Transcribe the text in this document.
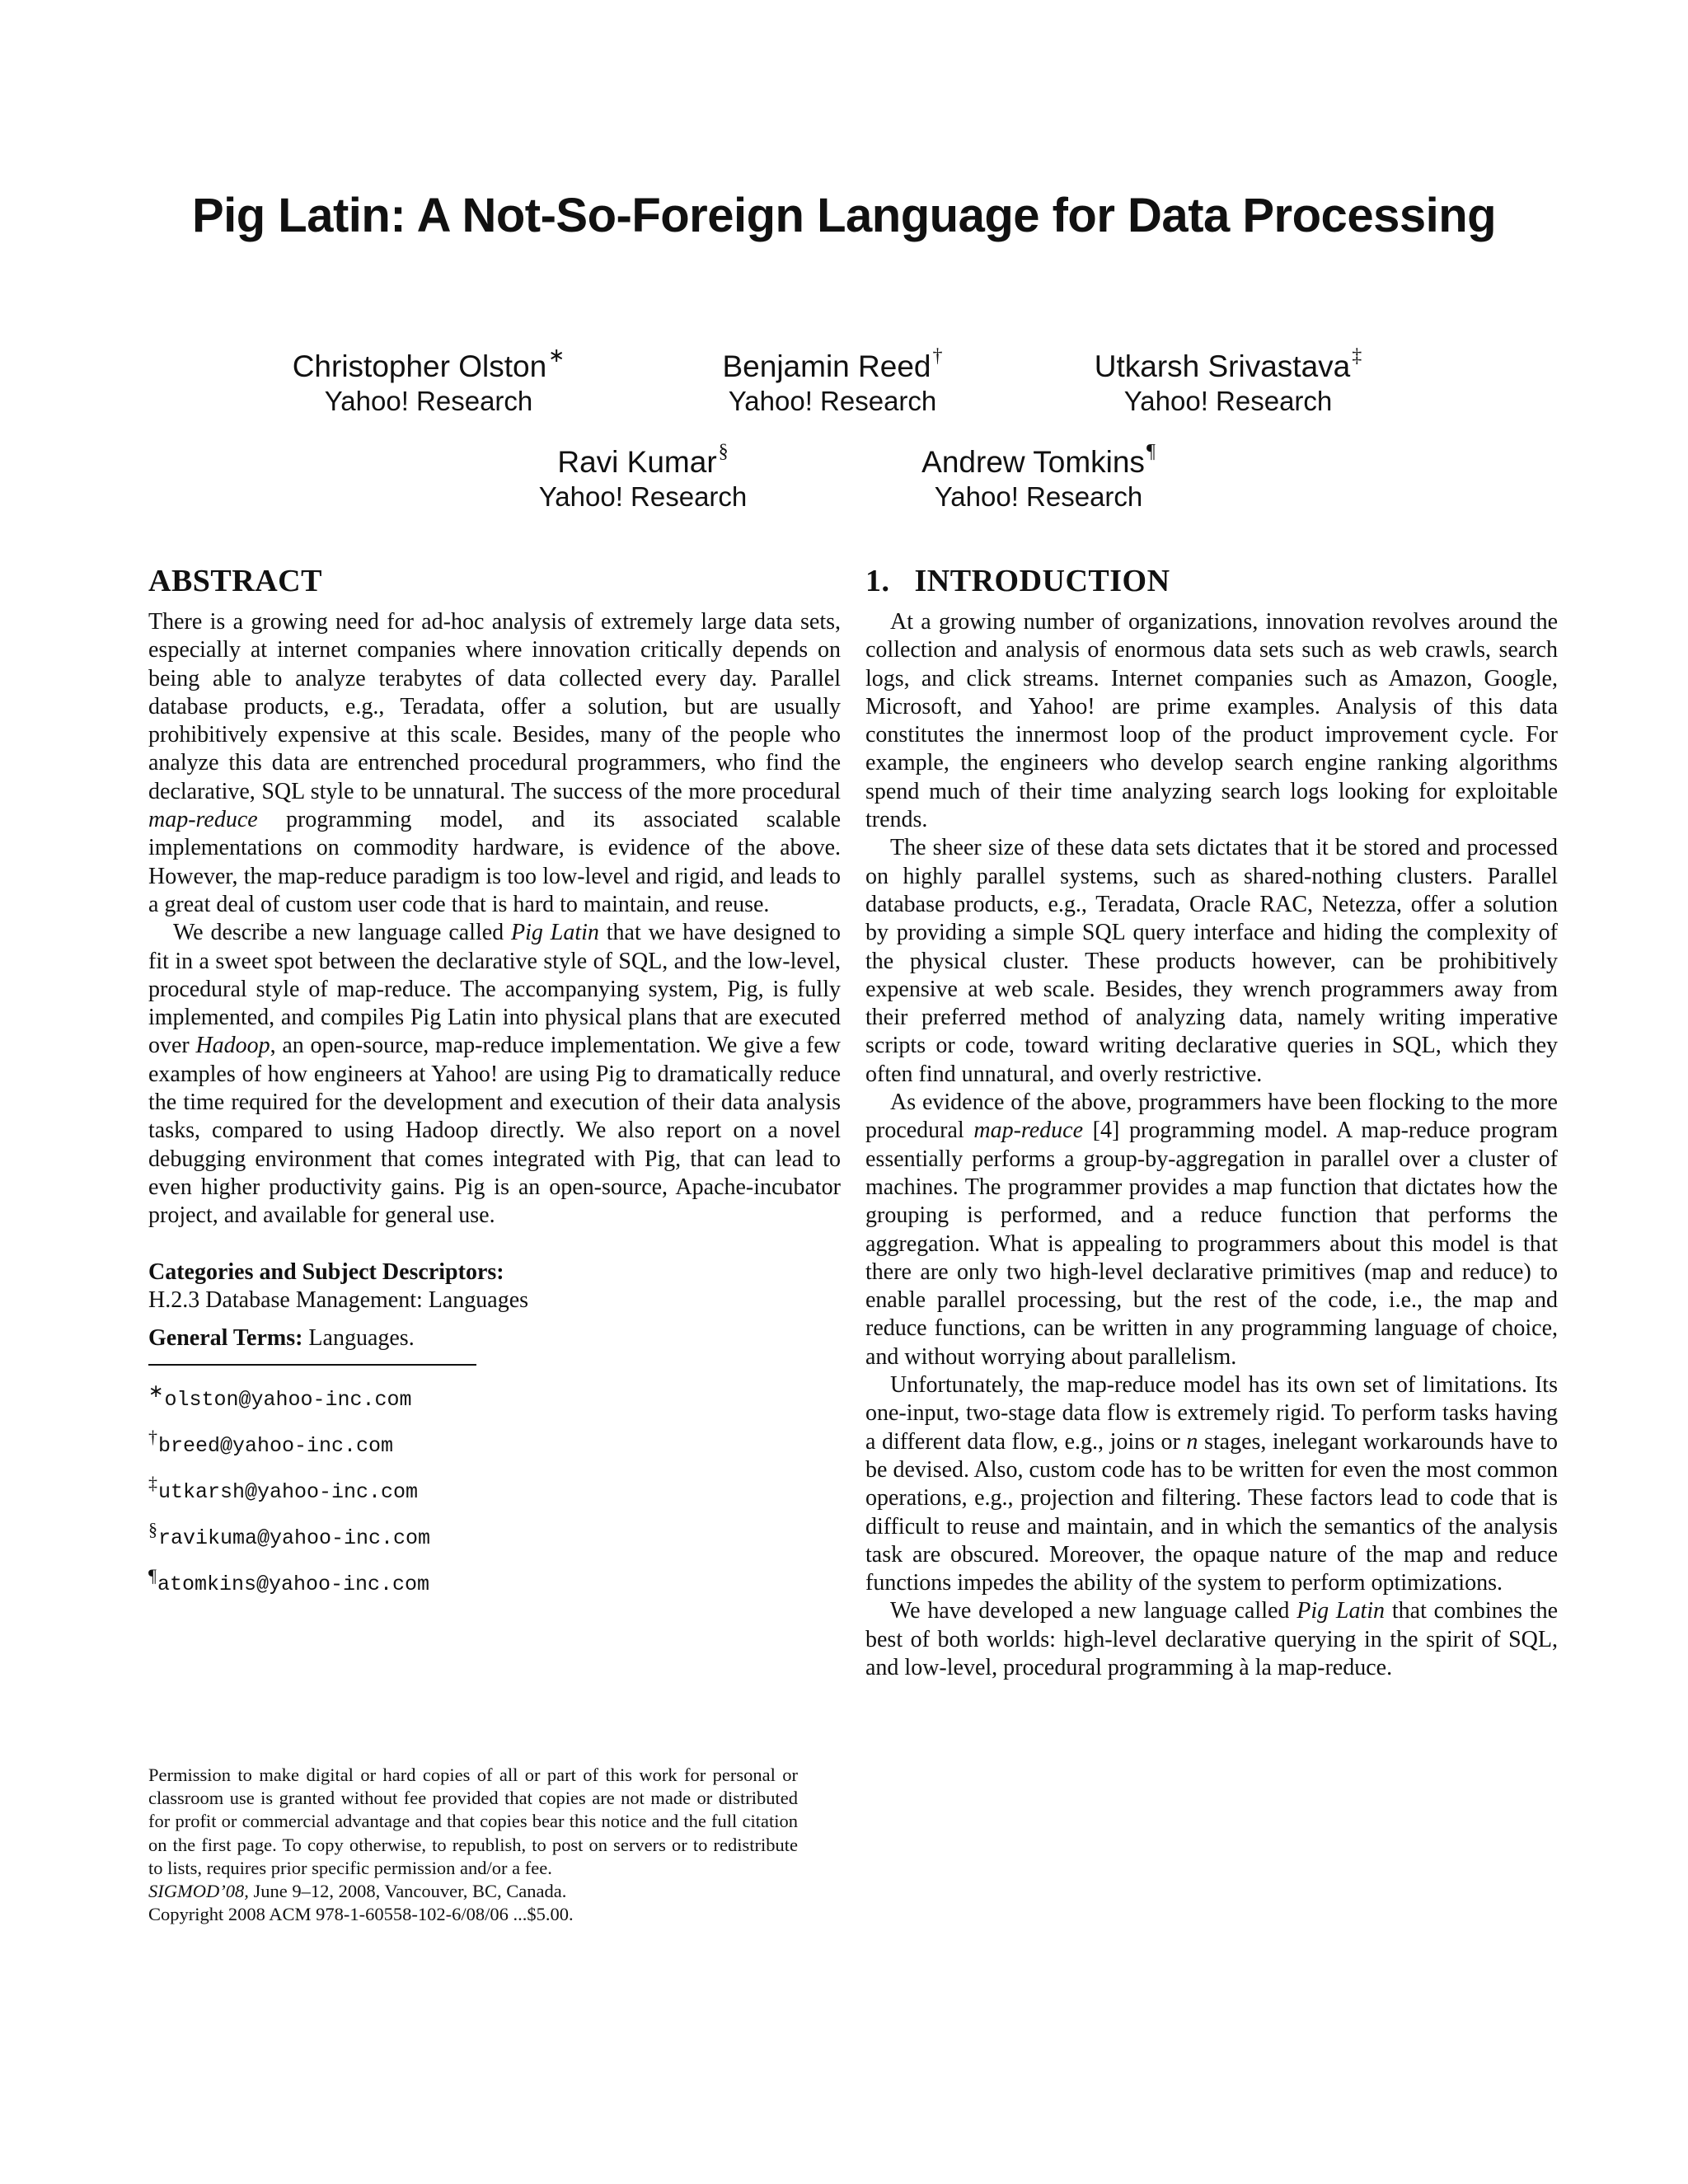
Pig Latin: A Not-So-Foreign Language for Data Processing
Christopher Olston∗
Yahoo! Research
Benjamin Reed†
Yahoo! Research
Utkarsh Srivastava‡
Yahoo! Research
Ravi Kumar§
Yahoo! Research
Andrew Tomkins¶
Yahoo! Research
ABSTRACT

There is a growing need for ad-hoc analysis of extremely large data sets, especially at internet companies where innovation critically depends on being able to analyze terabytes of data collected every day. Parallel database products, e.g., Teradata, offer a solution, but are usually prohibitively expensive at this scale. Besides, many of the people who analyze this data are entrenched procedural programmers, who find the declarative, SQL style to be unnatural. The success of the more procedural map-reduce programming model, and its associated scalable implementations on commodity hardware, is evidence of the above. However, the map-reduce paradigm is too low-level and rigid, and leads to a great deal of custom user code that is hard to maintain, and reuse.

We describe a new language called Pig Latin that we have designed to fit in a sweet spot between the declarative style of SQL, and the low-level, procedural style of map-reduce. The accompanying system, Pig, is fully implemented, and compiles Pig Latin into physical plans that are executed over Hadoop, an open-source, map-reduce implementation. We give a few examples of how engineers at Yahoo! are using Pig to dramatically reduce the time required for the development and execution of their data analysis tasks, compared to using Hadoop directly. We also report on a novel debugging environment that comes integrated with Pig, that can lead to even higher productivity gains. Pig is an open-source, Apache-incubator project, and available for general use.

Categories and Subject Descriptors:
H.2.3 Database Management: Languages
General Terms: Languages.
∗olston@yahoo-inc.com
†breed@yahoo-inc.com
‡utkarsh@yahoo-inc.com
§ravikuma@yahoo-inc.com
¶atomkins@yahoo-inc.com

Permission to make digital or hard copies of all or part of this work for personal or classroom use is granted without fee provided that copies are not made or distributed for profit or commercial advantage and that copies bear this notice and the full citation on the first page. To copy otherwise, to republish, to post on servers or to redistribute to lists, requires prior specific permission and/or a fee.

SIGMOD’08, June 9–12, 2008, Vancouver, BC, Canada.
Copyright 2008 ACM 978-1-60558-102-6/08/06 ...$5.00.
1. INTRODUCTION

At a growing number of organizations, innovation revolves around the collection and analysis of enormous data sets such as web crawls, search logs, and click streams. Internet companies such as Amazon, Google, Microsoft, and Yahoo! are prime examples. Analysis of this data constitutes the innermost loop of the product improvement cycle. For example, the engineers who develop search engine ranking algorithms spend much of their time analyzing search logs looking for exploitable trends.

The sheer size of these data sets dictates that it be stored and processed on highly parallel systems, such as shared-nothing clusters. Parallel database products, e.g., Teradata, Oracle RAC, Netezza, offer a solution by providing a simple SQL query interface and hiding the complexity of the physical cluster. These products however, can be prohibitively expensive at web scale. Besides, they wrench programmers away from their preferred method of analyzing data, namely writing imperative scripts or code, toward writing declarative queries in SQL, which they often find unnatural, and overly restrictive.

As evidence of the above, programmers have been flocking to the more procedural map-reduce [4] programming model. A map-reduce program essentially performs a group-by-aggregation in parallel over a cluster of machines. The programmer provides a map function that dictates how the grouping is performed, and a reduce function that performs the aggregation. What is appealing to programmers about this model is that there are only two high-level declarative primitives (map and reduce) to enable parallel processing, but the rest of the code, i.e., the map and reduce functions, can be written in any programming language of choice, and without worrying about parallelism.

Unfortunately, the map-reduce model has its own set of limitations. Its one-input, two-stage data flow is extremely rigid. To perform tasks having a different data flow, e.g., joins or n stages, inelegant workarounds have to be devised. Also, custom code has to be written for even the most common operations, e.g., projection and filtering. These factors lead to code that is difficult to reuse and maintain, and in which the semantics of the analysis task are obscured. Moreover, the opaque nature of the map and reduce functions impedes the ability of the system to perform optimizations.

We have developed a new language called Pig Latin that combines the best of both worlds: high-level declarative querying in the spirit of SQL, and low-level, procedural programming à la map-reduce.
